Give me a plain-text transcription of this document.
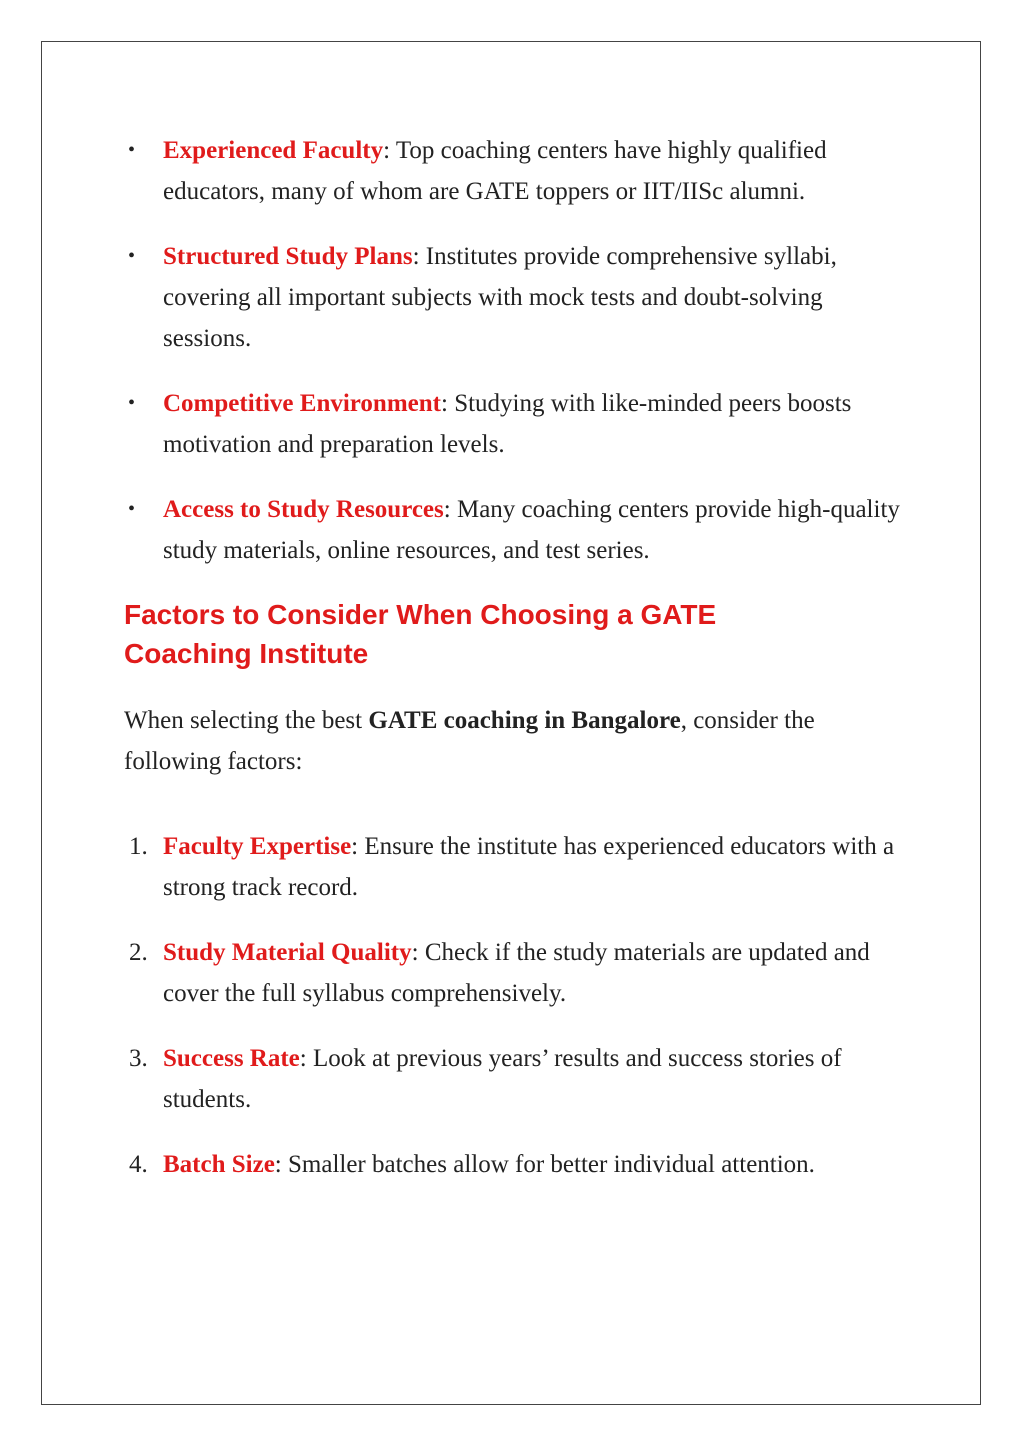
• Experienced Faculty: Top coaching centers have highly qualified educators, many of whom are GATE toppers or IIT/IISc alumni.
• Structured Study Plans: Institutes provide comprehensive syllabi, covering all important subjects with mock tests and doubt-solving sessions.
• Competitive Environment: Studying with like-minded peers boosts motivation and preparation levels.
• Access to Study Resources: Many coaching centers provide high-quality study materials, online resources, and test series.
Factors to Consider When Choosing a GATE Coaching Institute

When selecting the best GATE coaching in Bangalore, consider the following factors:

1. Faculty Expertise: Ensure the institute has experienced educators with a strong track record.
2. Study Material Quality: Check if the study materials are updated and cover the full syllabus comprehensively.
3. Success Rate: Look at previous years’ results and success stories of students.
4. Batch Size: Smaller batches allow for better individual attention.
